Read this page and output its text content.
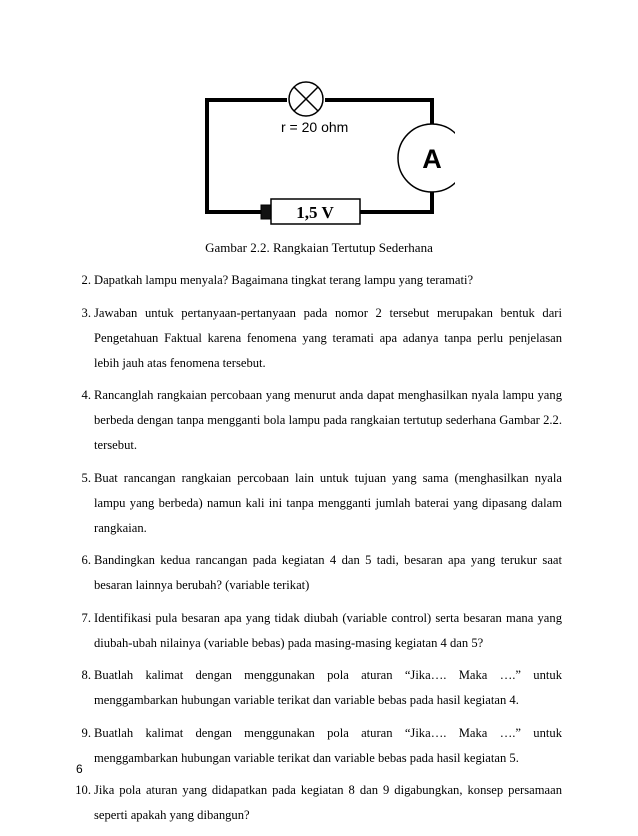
r = 20 ohm
A
1,5 V
Gambar 2.2. Rangkaian Tertutup Sederhana
2. Dapatkah lampu menyala? Bagaimana tingkat terang lampu yang teramati?
3. Jawaban untuk pertanyaan-pertanyaan pada nomor 2 tersebut merupakan bentuk dari Pengetahuan Faktual karena fenomena yang teramati apa adanya tanpa perlu penjelasan lebih jauh atas fenomena tersebut.
4. Rancanglah rangkaian percobaan yang menurut anda dapat menghasilkan nyala lampu yang berbeda dengan tanpa mengganti bola lampu pada rangkaian tertutup sederhana Gambar 2.2. tersebut.
5. Buat rancangan rangkaian percobaan lain untuk tujuan yang sama (menghasilkan nyala lampu yang berbeda) namun kali ini tanpa mengganti jumlah baterai yang dipasang dalam rangkaian.
6. Bandingkan kedua rancangan pada kegiatan 4 dan 5 tadi, besaran apa yang terukur saat besaran lainnya berubah? (variable terikat)
7. Identifikasi pula besaran apa yang tidak diubah (variable control) serta besaran mana yang diubah-ubah nilainya (variable bebas) pada masing-masing kegiatan 4 dan 5?
8. Buatlah kalimat dengan menggunakan pola aturan “Jika…. Maka ….” untuk menggambarkan hubungan variable terikat dan variable bebas pada hasil kegiatan 4.
9. Buatlah kalimat dengan menggunakan pola aturan “Jika…. Maka ….” untuk menggambarkan hubungan variable terikat dan variable bebas pada hasil kegiatan 5.
10. Jika pola aturan yang didapatkan pada kegiatan 8 dan 9 digabungkan, konsep persamaan seperti apakah yang dibangun?
6
